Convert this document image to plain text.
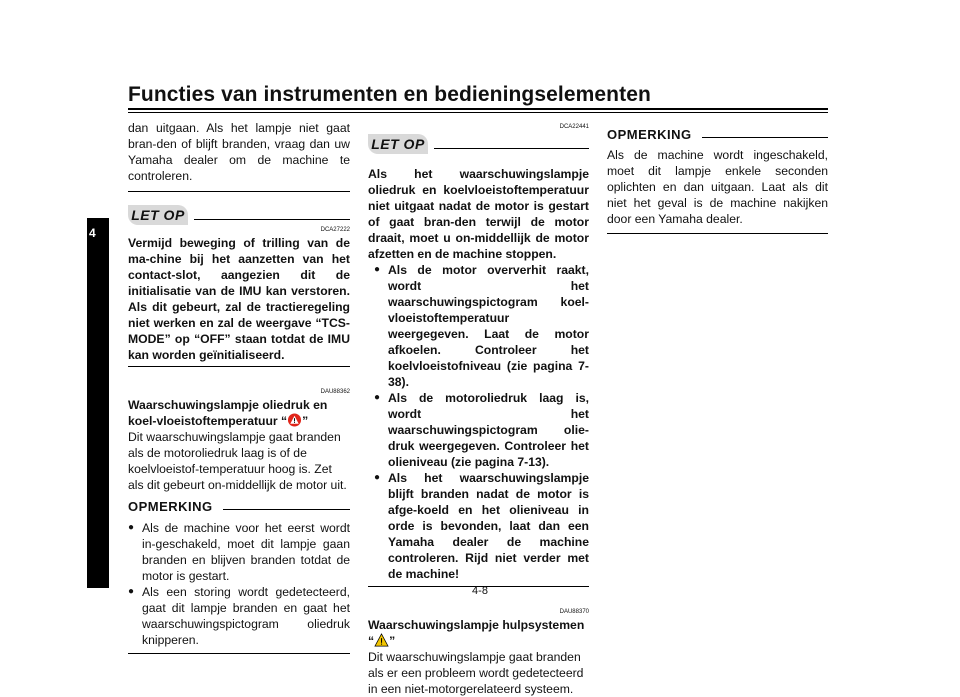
Functies van instrumenten en bedieningselementen
4

dan uitgaan. Als het lampje niet gaat bran-den of blijft branden, vraag dan uw Yamaha dealer om de machine te controleren.

LET OP
DCA27222

Vermijd beweging of trilling van de ma-chine bij het aanzetten van het contact-slot, aangezien dit de initialisatie van de IMU kan verstoren. Als dit gebeurt, zal de tractieregeling niet werken en zal de weergave “TCS-MODE” op “OFF” staan totdat de IMU kan worden geïnitialiseerd.

DAU88362

Waarschuwingslampje oliedruk en koel-vloeistoftemperatuur “ ”

Dit waarschuwingslampje gaat branden als de motoroliedruk laag is of de koelvloeistof-temperatuur hoog is. Zet als dit gebeurt on-middellijk de motor uit.

OPMERKING
● Als de machine voor het eerst wordt in-geschakeld, moet dit lampje gaan branden en blijven branden totdat de motor is gestart.
● Als een storing wordt gedetecteerd, gaat dit lampje branden en gaat het waarschuwingspictogram oliedruk knipperen.
DCA22441
LET OP

Als het waarschuwingslampje oliedruk en koelvloeistoftemperatuur niet uitgaat nadat de motor is gestart of gaat bran-den terwijl de motor draait, moet u on-middellijk de motor afzetten en de machine stoppen.

● Als de motor oververhit raakt, wordt het waarschuwingspictogram koel-vloeistoftemperatuur weergegeven. Laat de motor afkoelen. Controleer het koelvloeistofniveau (zie pagina 7-38).
● Als de motoroliedruk laag is, wordt het waarschuwingspictogram olie-druk weergegeven. Controleer het olieniveau (zie pagina 7-13).
● Als het waarschuwingslampje blijft branden nadat de motor is afge-koeld en het olieniveau in orde is bevonden, laat dan een Yamaha dealer de machine controleren. Rijd niet verder met de machine!
DAU88370

Waarschuwingslampje hulpsystemen

“ ”

Dit waarschuwingslampje gaat branden als er een probleem wordt gedetecteerd in een niet-motorgerelateerd systeem.

OPMERKING

Als de machine wordt ingeschakeld, moet dit lampje enkele seconden oplichten en dan uitgaan. Laat als dit niet het geval is de machine nakijken door een Yamaha dealer.

4-8
